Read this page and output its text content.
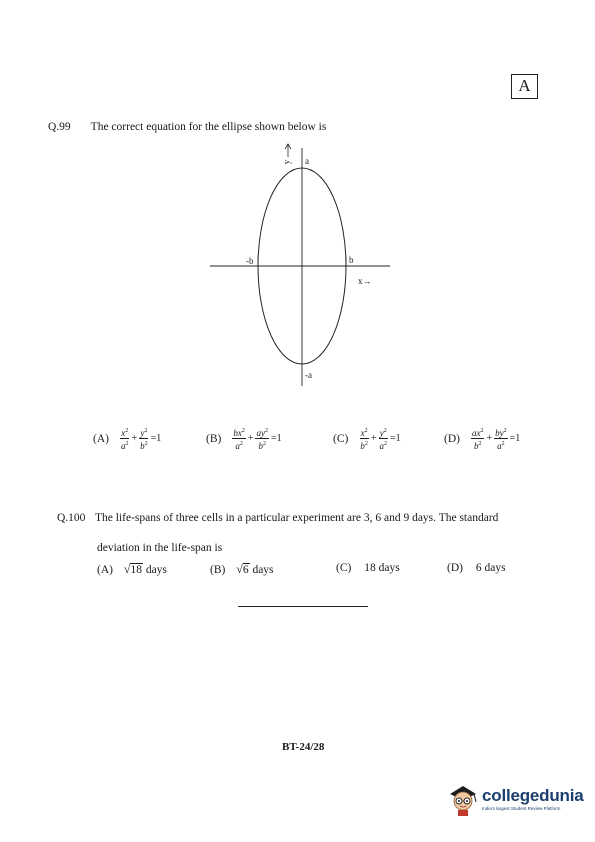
A
Q.99 The correct equation for the ellipse shown below is
y a
-b	b
x→
-a
$(A) \frac{x^2}{a^2} + \frac{y^2}{b^2} =1$	$(B) \frac{bx^2}{a^2} + \frac{ay^2}{b^2} =1$	$(C) \frac{x^2}{b^2} + \frac{y^2}{a^2} =1$	$(D) \frac{ax^2}{b^2} + \frac{by^2}{a^2} =1$
Q.100 The life-spans of three cells in a particular experiment are 3, 6 and 9 days. The standard
deviation in the life-span is
(A) √18 days	(B) √6 days	(C) 18 days	(D) 6 days
BT-24/28
collegedunia
India's largest Student Review Platform
